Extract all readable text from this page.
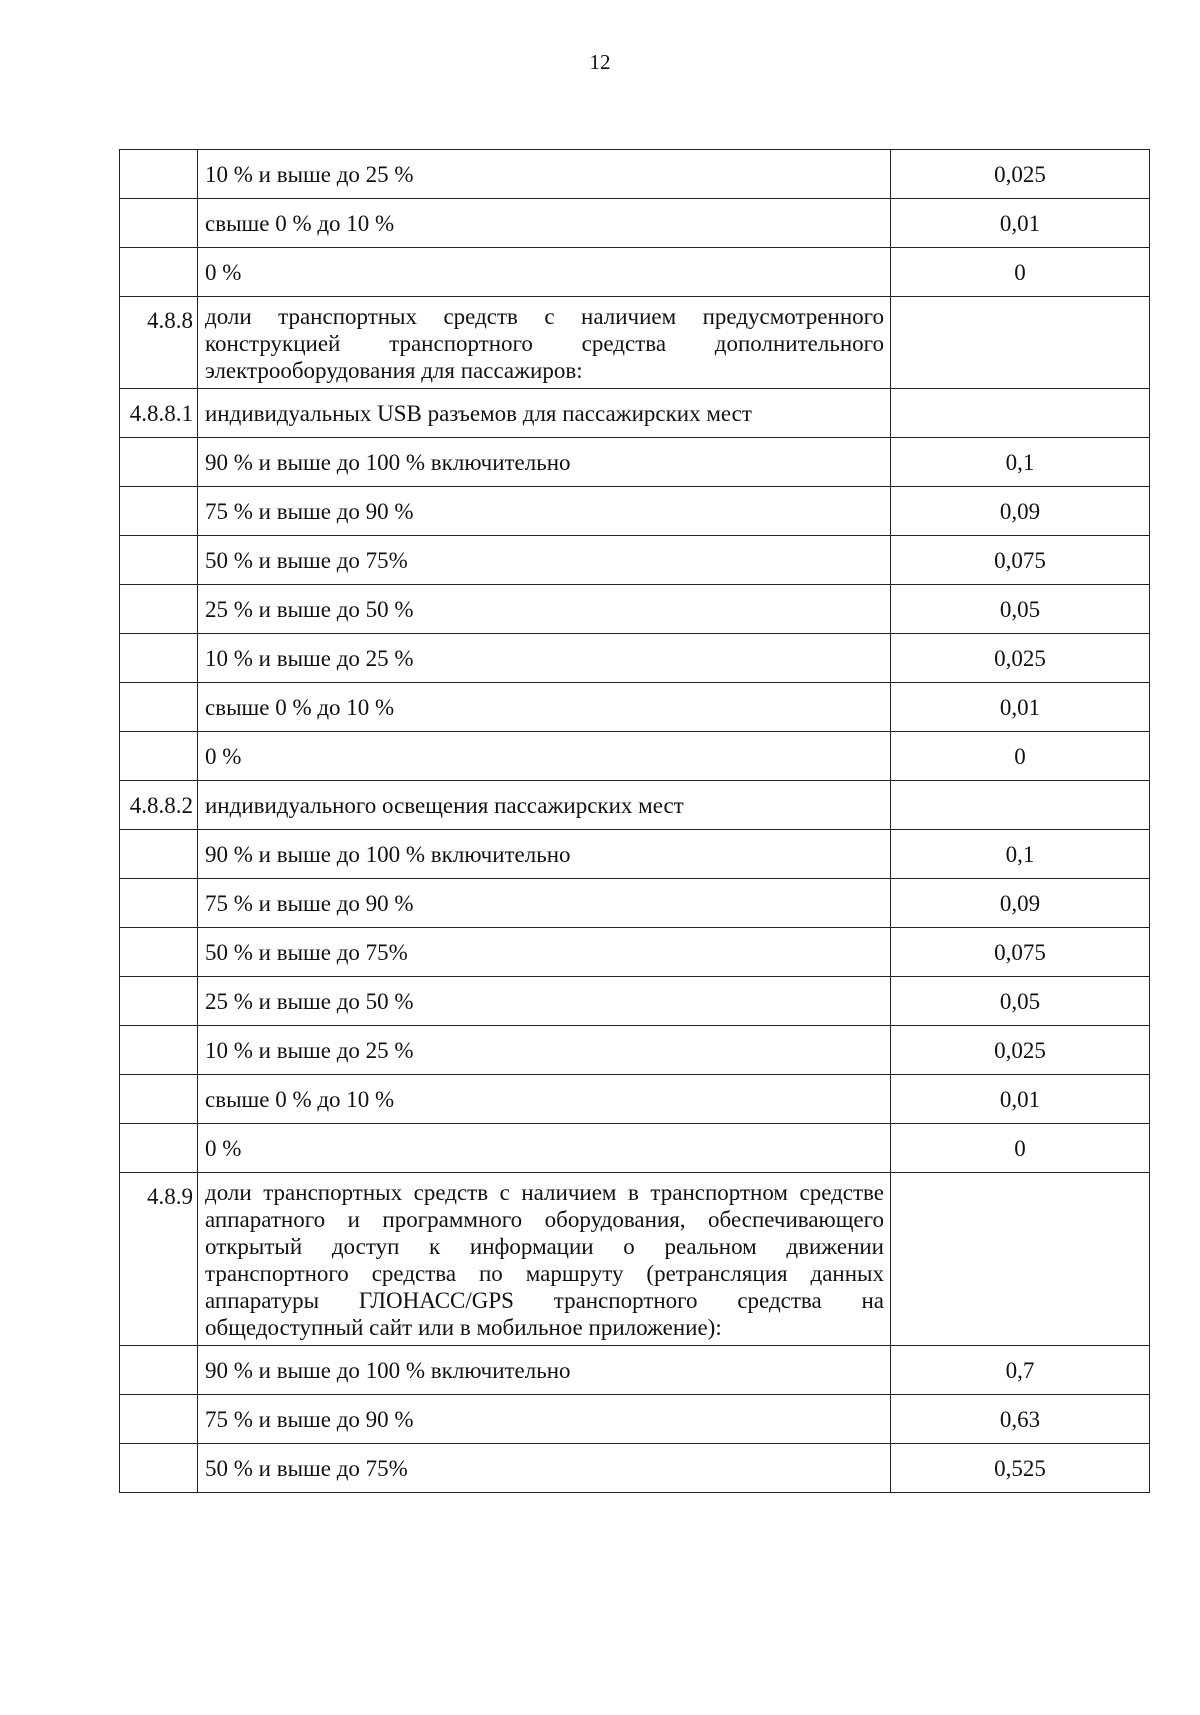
12
	10 % и выше до 25 %	0,025
	свыше 0 % до 10 %	0,01
	0 %	0
4.8.8	доли транспортных средств с наличием предусмотренного конструкцией транспортного средства дополнительного электрооборудования для пассажиров:	
4.8.8.1	индивидуальных USB разъемов для пассажирских мест	
	90 % и выше до 100 % включительно	0,1
	75 % и выше до 90 %	0,09
	50 % и выше до 75%	0,075
	25 % и выше до 50 %	0,05
	10 % и выше до 25 %	0,025
	свыше 0 % до 10 %	0,01
	0 %	0
4.8.8.2	индивидуального освещения пассажирских мест	
	90 % и выше до 100 % включительно	0,1
	75 % и выше до 90 %	0,09
	50 % и выше до 75%	0,075
	25 % и выше до 50 %	0,05
	10 % и выше до 25 %	0,025
	свыше 0 % до 10 %	0,01
	0 %	0
4.8.9	доли транспортных средств с наличием в транспортном средстве аппаратного и программного оборудования, обеспечивающего открытый доступ к информации о реальном движении транспортного средства по маршруту (ретрансляция данных аппаратуры ГЛОНАСС/GPS транспортного средства на общедоступный сайт или в мобильное приложение):	
	90 % и выше до 100 % включительно	0,7
	75 % и выше до 90 %	0,63
	50 % и выше до 75%	0,525
